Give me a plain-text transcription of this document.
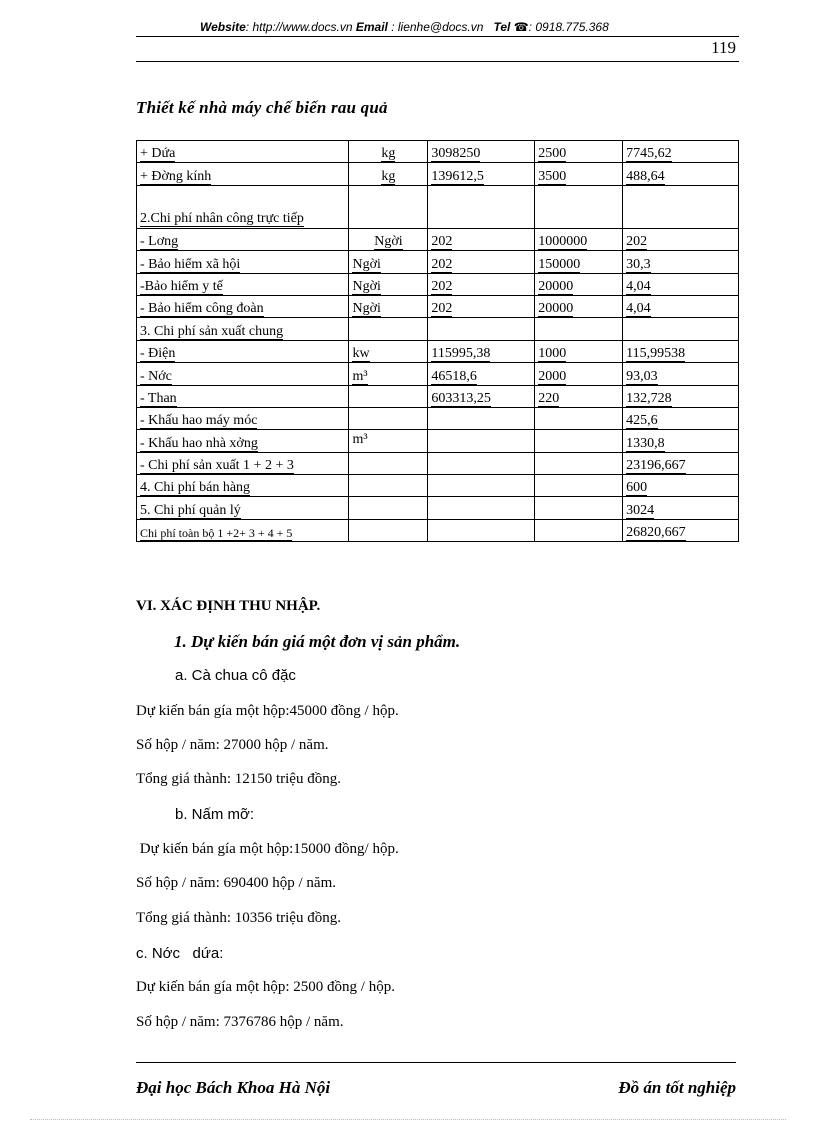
Website: http://www.docs.vn Email : lienhe@docs.vn Tel ☎: 0918.775.368
119
Thiết kế nhà máy chế biến rau quả
+ Dứa	kg	3098250	2500	7745,62
+ Đờng kính	kg	139612,5	3500	488,64
2.Chi phí nhân công trực tiếp				
- Lơng	Ngời	202	1000000	202
- Bảo hiểm xã hội	Ngời	202	150000	30,3
-Bảo hiểm y tế	Ngời	202	20000	4,04
- Bảo hiểm công đoàn	Ngời	202	20000	4,04
3. Chi phí sản xuất chung				
- Điện	kw	115995,38	1000	115,99538
- Nớc	m³	46518,6	2000	93,03
- Than		603313,25	220	132,728
- Khấu hao máy móc				425,6
- Khấu hao nhà xởng	m³			1330,8
- Chi phí sản xuất 1 + 2 + 3				23196,667
4. Chi phí bán hàng				600
5. Chi phí quản lý				3024
Chi phí toàn bộ 1 +2+ 3 + 4 + 5				26820,667
VI. XÁC ĐỊNH THU NHẬP.
1. Dự kiến bán giá một đơn vị sản phẩm.
a. Cà chua cô đặc
Dự kiến bán gía một hộp:45000 đồng / hộp.
Số hộp / năm: 27000 hộp / năm.
Tổng giá thành: 12150 triệu đồng.
b. Nấm mỡ:
Dự kiến bán gía một hộp:15000 đồng/ hộp.
Số hộp / năm: 690400 hộp / năm.
Tổng giá thành: 10356 triệu đồng.
c. Nớc   dứa:
Dự kiến bán gía một hộp: 2500 đồng / hộp.
Số hộp / năm: 7376786 hộp / năm.
Đại học Bách Khoa Hà Nội	Đồ án tốt nghiệp
